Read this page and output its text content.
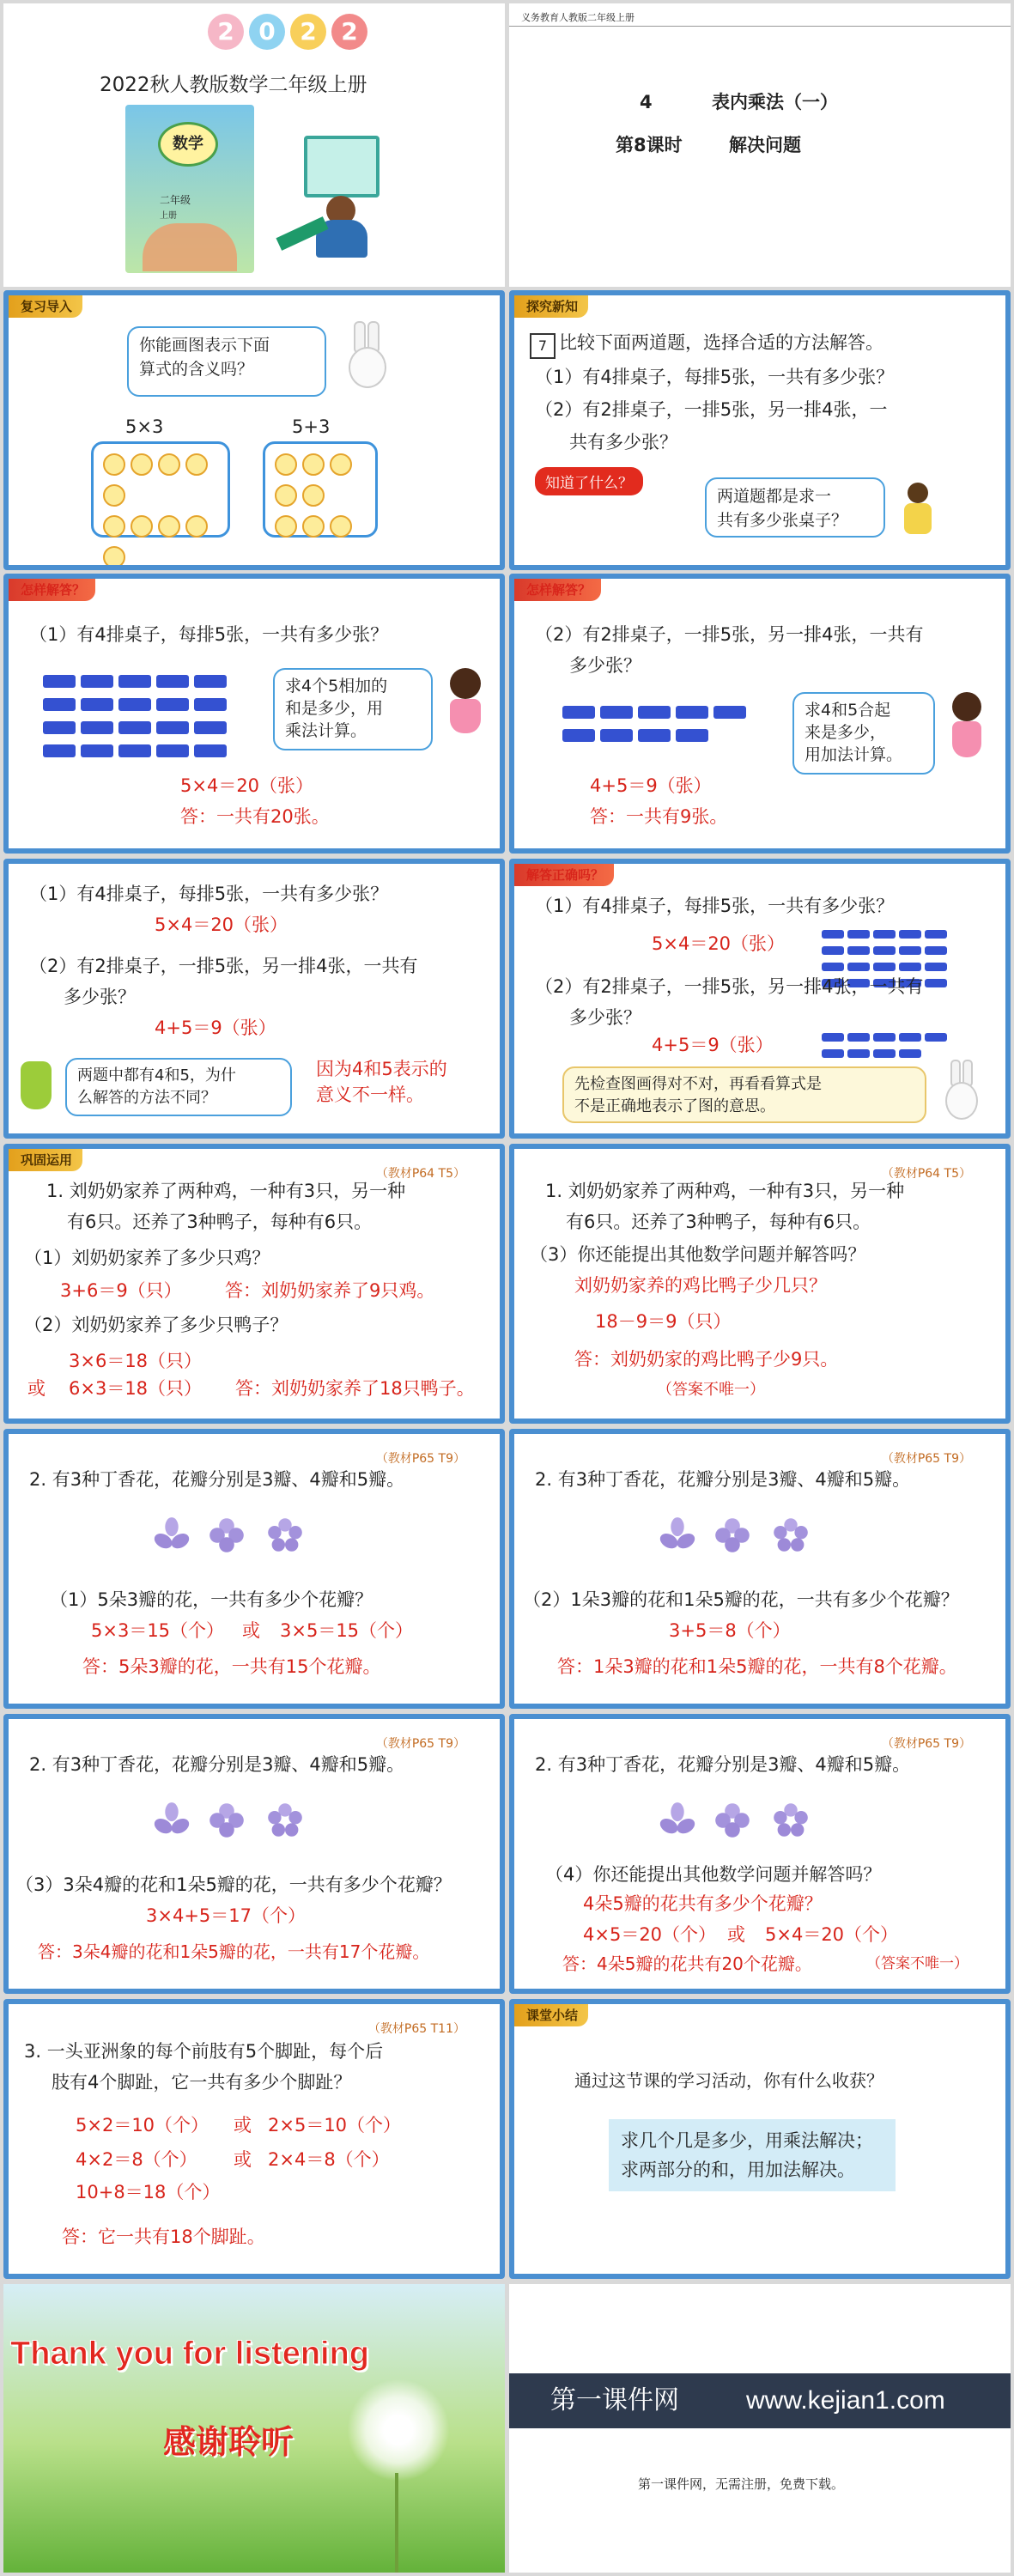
2	0	2	2
2022秋人教版数学二年级上册
数学
二年级
上册
义务教育人教版二年级上册
4	表内乘法（一）
第8课时	解决问题
复习导入
你能画图表示下面
算式的含义吗？
5×3	5+3
探究新知
7 比较下面两道题，选择合适的方法解答。
（1）有4排桌子，每排5张，一共有多少张？
（2）有2排桌子，一排5张，另一排4张，一
共有多少张？
知道了什么？
两道题都是求一
共有多少张桌子？
怎样解答？
（1）有4排桌子，每排5张，一共有多少张？
求4个5相加的
和是多少，用
乘法计算。
5×4＝20（张）
答：一共有20张。
怎样解答？
（2）有2排桌子，一排5张，另一排4张，一共有
多少张？
求4和5合起
来是多少，
用加法计算。
4+5＝9（张）
答：一共有9张。
（1）有4排桌子，每排5张，一共有多少张？
5×4＝20（张）
（2）有2排桌子，一排5张，另一排4张，一共有
多少张？
4+5＝9（张）
两题中都有4和5，为什
么解答的方法不同？
因为4和5表示的
意义不一样。
解答正确吗？
（1）有4排桌子，每排5张，一共有多少张？
5×4＝20（张）
（2）有2排桌子，一排5张，另一排4张，一共有
多少张？
4+5＝9（张）
先检查图画得对不对，再看看算式是
不是正确地表示了图的意思。
巩固运用
（教材P64 T5）
1. 刘奶奶家养了两种鸡，一种有3只，另一种
有6只。还养了3种鸭子，每种有6只。
（1）刘奶奶家养了多少只鸡？
3+6＝9（只） 答：刘奶奶家养了9只鸡。
（2）刘奶奶家养了多少只鸭子？
3×6＝18（只）
或 6×3＝18（只） 答：刘奶奶家养了18只鸭子。
（教材P64 T5）
1. 刘奶奶家养了两种鸡，一种有3只，另一种
有6只。还养了3种鸭子，每种有6只。
（3）你还能提出其他数学问题并解答吗？
刘奶奶家养的鸡比鸭子少几只？
18－9＝9（只）
答：刘奶奶家的鸡比鸭子少9只。
（答案不唯一）
（教材P65 T9）
2. 有3种丁香花，花瓣分别是3瓣、4瓣和5瓣。
（1）5朵3瓣的花，一共有多少个花瓣？
5×3＝15（个） 或 3×5＝15（个）
答：5朵3瓣的花，一共有15个花瓣。
（教材P65 T9）
2. 有3种丁香花，花瓣分别是3瓣、4瓣和5瓣。
（2）1朵3瓣的花和1朵5瓣的花，一共有多少个花瓣？
3+5＝8（个）
答：1朵3瓣的花和1朵5瓣的花，一共有8个花瓣。
（教材P65 T9）
2. 有3种丁香花，花瓣分别是3瓣、4瓣和5瓣。
（3）3朵4瓣的花和1朵5瓣的花，一共有多少个花瓣？
3×4+5＝17（个）
答：3朵4瓣的花和1朵5瓣的花，一共有17个花瓣。
（教材P65 T9）
2. 有3种丁香花，花瓣分别是3瓣、4瓣和5瓣。
（4）你还能提出其他数学问题并解答吗？
4朵5瓣的花共有多少个花瓣？
4×5＝20（个） 或 5×4＝20（个）
答：4朵5瓣的花共有20个花瓣。	（答案不唯一）
（教材P65 T11）
3. 一头亚洲象的每个前肢有5个脚趾，每个后
肢有4个脚趾，它一共有多少个脚趾？
5×2＝10（个） 或 2×5＝10（个）
4×2＝8（个） 或 2×4＝8（个）
10+8＝18（个）
答：它一共有18个脚趾。
课堂小结
通过这节课的学习活动，你有什么收获？
求几个几是多少，用乘法解决；
求两部分的和，用加法解决。
Thank you for listening
感谢聆听
第一课件网	www.kejian1.com
第一课件网，无需注册，免费下载。
